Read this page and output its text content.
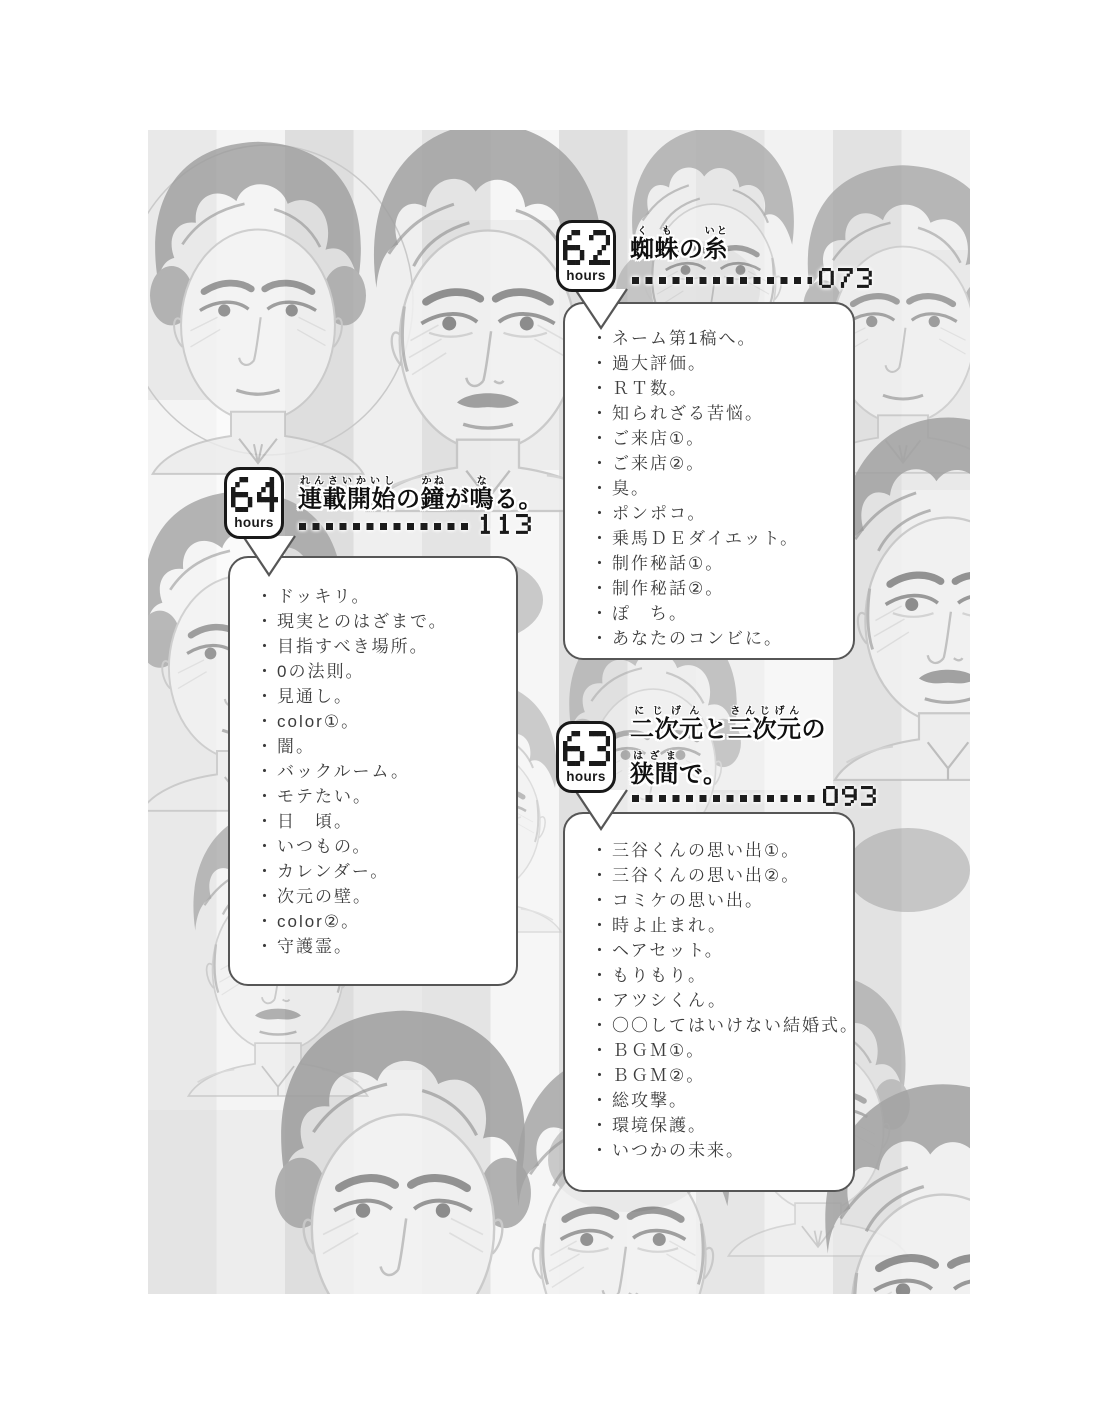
hours
蜘蛛くもの糸いと
・ ネーム第1稿へ。
・ 過大評価。
・ ＲＴ数。
・ 知られざる苦悩。
・ ご来店①。
・ ご来店②。
・ 臭。
・ ポンポコ。
・ 乗馬ＤＥダイエット。
・ 制作秘話①。
・ 制作秘話②。
・ ぽ　ち。
・ あなたのコンビに。
hours
連載開始れんさいかいしの鐘かねが鳴なる。
・ ドッキリ。
・ 現実とのはざまで。
・ 目指すべき場所。
・ 0の法則。
・ 見通し。
・ color①。
・ 闇。
・ バックルーム。
・ モテたい。
・ 日　頃。
・ いつもの。
・ カレンダー。
・ 次元の壁。
・ color②。
・ 守護霊。
hours
二次元にじげんと三次元さんじげんの
狭間はざまで。
・ 三谷くんの思い出①。
・ 三谷くんの思い出②。
・ コミケの思い出。
・ 時よ止まれ。
・ ヘアセット。
・ もりもり。
・ アツシくん。
・ 〇〇してはいけない結婚式。
・ ＢＧＭ①。
・ ＢＧＭ②。
・ 総攻撃。
・ 環境保護。
・ いつかの未来。
